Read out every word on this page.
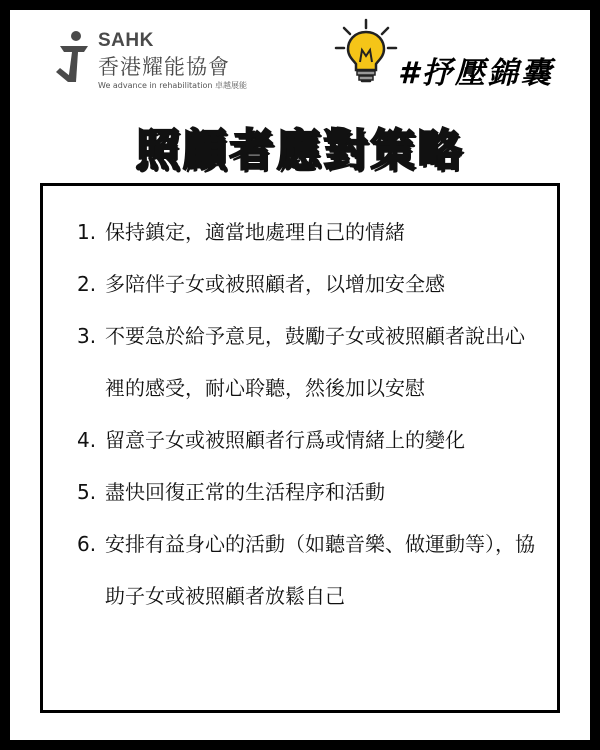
SAHK
香港耀能協會
We advance in rehabilitation 卓越展能	#抒壓錦囊
照顧者應對策略
1. 保持鎮定，適當地處理自己的情緒
2. 多陪伴子女或被照顧者，以增加安全感
3. 不要急於給予意見，鼓勵子女或被照顧者說出心裡的感受，耐心聆聽，然後加以安慰
4. 留意子女或被照顧者行爲或情緒上的變化
5. 盡快回復正常的生活程序和活動
6. 安排有益身心的活動（如聽音樂、做運動等），協助子女或被照顧者放鬆自己
